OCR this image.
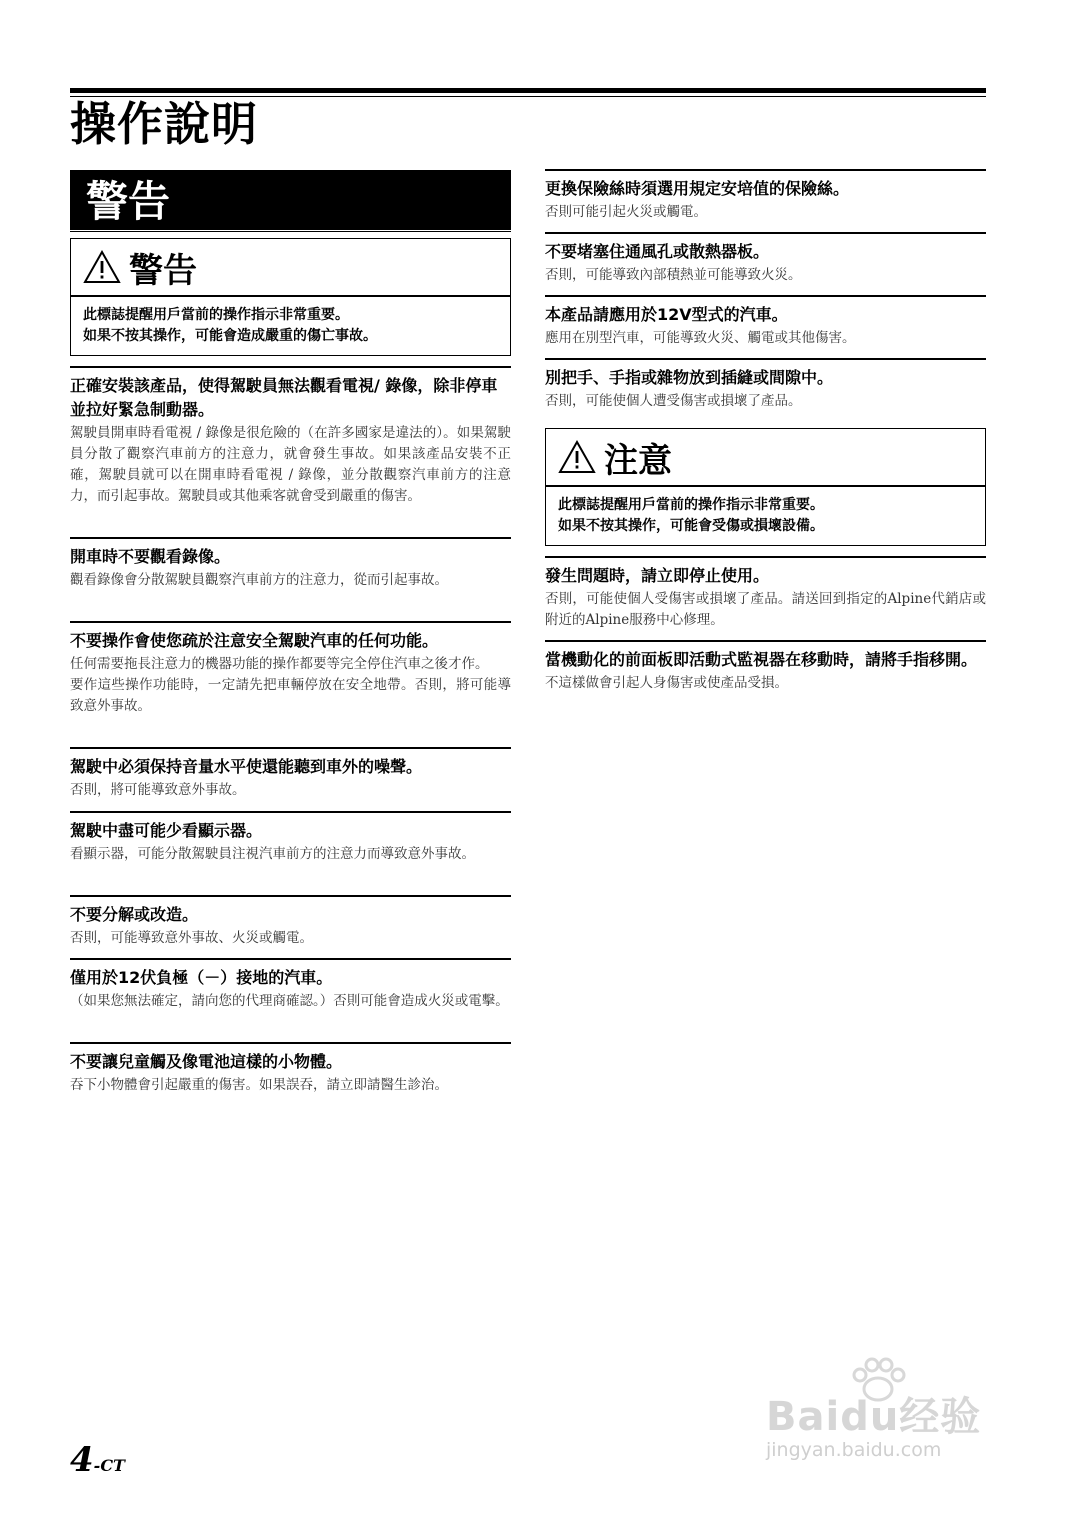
操作說明
警告
警告
此標誌提醒用戶當前的操作指示非常重要。
如果不按其操作，可能會造成嚴重的傷亡事故。
正確安裝該產品，使得駕駛員無法觀看電視/ 錄像，除非停車並拉好緊急制動器。

駕駛員開車時看電視 / 錄像是很危險的（在許多國家是違法的）。如果駕駛員分散了觀察汽車前方的注意力，就會發生事故。如果該產品安裝不正確，駕駛員就可以在開車時看電視 / 錄像，並分散觀察汽車前方的注意力，而引起事故。駕駛員或其他乘客就會受到嚴重的傷害。

開車時不要觀看錄像。

觀看錄像會分散駕駛員觀察汽車前方的注意力，從而引起事故。

不要操作會使您疏於注意安全駕駛汽車的任何功能。

任何需要拖長注意力的機器功能的操作都要等完全停住汽車之後才作。

要作這些操作功能時，一定請先把車輛停放在安全地帶。否則，將可能導致意外事故。

駕駛中必須保持音量水平使還能聽到車外的噪聲。

否則，將可能導致意外事故。

駕駛中盡可能少看顯示器。

看顯示器，可能分散駕駛員注視汽車前方的注意力而導致意外事故。

不要分解或改造。

否則，可能導致意外事故、火災或觸電。

僅用於12伏負極（－）接地的汽車。

（如果您無法確定，請向您的代理商確認。）否則可能會造成火災或電擊。

不要讓兒童觸及像電池這樣的小物體。

吞下小物體會引起嚴重的傷害。如果誤吞，請立即請醫生診治。

更換保險絲時須選用規定安培值的保險絲。

否則可能引起火災或觸電。

不要堵塞住通風孔或散熱器板。

否則，可能導致內部積熱並可能導致火災。

本產品請應用於12V型式的汽車。

應用在別型汽車，可能導致火災、觸電或其他傷害。

別把手、手指或雜物放到插縫或間隙中。

否則，可能使個人遭受傷害或損壞了產品。

注意
此標誌提醒用戶當前的操作指示非常重要。
如果不按其操作，可能會受傷或損壞設備。
發生問題時，請立即停止使用。

否則，可能使個人受傷害或損壞了產品。請送回到指定的Alpine代銷店或附近的Alpine服務中心修理。

當機動化的前面板即活動式監視器在移動時，請將手指移開。

不這樣做會引起人身傷害或使產品受損。

4-CT
Baidu经验
jingyan.baidu.com
